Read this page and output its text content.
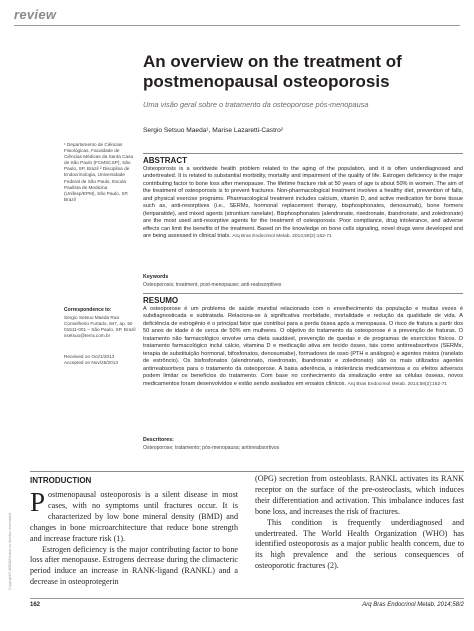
review
An overview on the treatment of
postmenopausal osteoporosis
Uma visão geral sobre o tratamento da osteoporose pós-menopausa
Sergio Setsuo Maeda¹, Marise Lazaretti-Castro²
¹ Departamento de Ciências Fisiológicas, Faculdade de Ciências Médicas da Santa Casa de São Paulo (FCMSCSP), São Paulo, SP, Brazil ² Disciplina de Endocrinologia, Universidade Federal de São Paulo, Escola Paulista de Medicina (Unifesp/EPM), São Paulo, SP, Brazil
Correspondence to:
Sergio Setsuo Maeda Rua Conselheiro Furtado, 847, ap. 50 01511-001 – São Paulo, SP, Brazil ssetsuo@terra.com.br
Received on Oct/1/2013
Accepted on Nov/25/2013
ABSTRACT
Osteoporosis is a worldwide health problem related to the aging of the population, and it is often underdiagnosed and undertreated. It is related to substantial morbidity, mortality and impairment of the quality of life. Estrogen deficiency is the major contributing factor to bone loss after menopause. The lifetime fracture risk at 50 years of age is about 50% in women. The aim of the treatment of osteoporosis is to prevent fractures. Non-pharmacological treatment involves a healthy diet, prevention of falls, and physical exercise programs. Pharmacological treatment includes calcium, vitamin D, and active medication for bone tissue such as, anti-resorptives (i.e., SERMs, hormonal replacement therapy, bisphosphonates, denosumab), bone formers (teriparatide), and mixed agents (strontium ranelate). Bisphosphonates (alendronate, risedronate, ibandronate, and zoledronate) are the most used anti-resorptive agents for the treatment of osteoporosis. Poor compliance, drug intolerance, and adverse effects can limit the benefits of the treatment. Based on the knowledge on bone cells signaling, novel drugs were developed and are being assessed in clinical trials. Arq Bras Endocrinol Metab. 2014;58(2):162-71
Keywords
Osteoporosis; treatment, post-menopause; anti-reabsorptives
RESUMO
A osteoporose é um problema de saúde mundial relacionado com o envelhecimento da população e muitas vezes é subdiagnosticada e subtratada. Relaciona-se à significativa morbidade, mortalidade e redução da qualidade de vida. A deficiência de estrogênio é o principal fator que contribui para a perda óssea após a menopausa. O risco de fratura a partir dos 50 anos de idade é de cerca de 50% em mulheres. O objetivo do tratamento da osteoporose é a prevenção de fraturas. O tratamento não farmacológico envolve uma dieta saudável, prevenção de quedas e de programas de exercícios físicos. O tratamento farmacológico inclui cálcio, vitamina D e medicação ativa em tecido ósseo, tais como antirreabsortivos (SERMs, terapia de substituição hormonal, bifosfonatos, denosumabe), formadores de osso (PTH e análogos) e agentes mistos (ranelato de estrôncio). Os bisfosfonatos (alendronato, risedronato, ibandronato e zoledronato) são os mais utilizados agentes antirreabsortivos para o tratamento da osteoporose. A baixa aderência, a intolerância medicamentosa e os efeitos adversos podem limitar os benefícios do tratamento. Com base no conhecimento da sinalização entre as células ósseas, novos medicamentos foram desenvolvidos e estão sendo avaliados em ensaios clínicos. Arq Bras Endocrinol Metab. 2014;58(2):162-71
Descritores:
Osteoporose; tratamento; pós-menopausa; antirreabsortivos
INTRODUCTION

Postmenopausal osteoporosis is a silent disease in most cases, with no symptoms until fractures occur. It is characterized by low bone mineral density (BMD) and changes in bone microarchitecture that reduce bone strength and increase fracture risk (1).

Estrogen deficiency is the major contributing factor to bone loss after menopause. Estrogens decrease during the climacteric period induce an increase in RANK-ligand (RANKL) and a decrease in osteoprotegerin

(OPG) secretion from osteoblasts. RANKL activates its RANK receptor on the surface of the pre-osteoclasts, which induces their differentiation and activation. This imbalance induces fast bone loss, and increases the risk of fractures.

This condition is frequently underdiagnosed and undertreated. The World Health Organization (WHO) has identified osteoporosis as a major public health concern, due to its high prevalence and the serious consequences of osteoporotic fractures (2).

Copyright© ABE&M todos os direitos reservados
162	Arq Bras Endocrinol Metab. 2014;58/2
